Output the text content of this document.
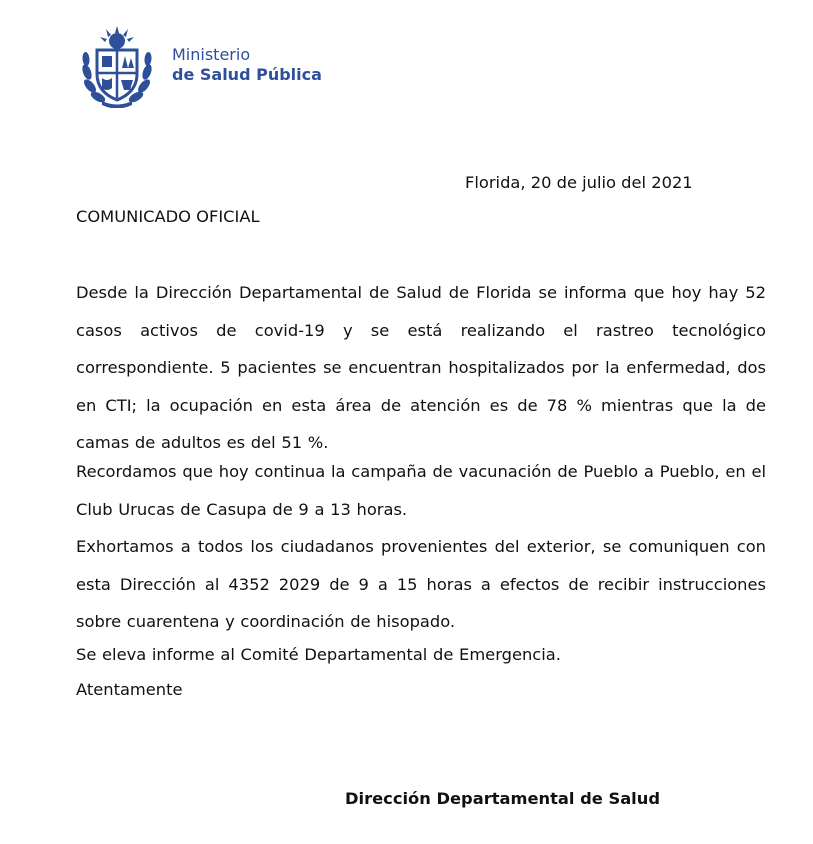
Ministerio
de Salud Pública
Florida, 20 de julio del 2021
COMUNICADO OFICIAL
Desde la Dirección Departamental de Salud de Florida se informa que hoy hay 52 casos activos de covid-19 y se está realizando el rastreo tecnológico correspondiente. 5 pacientes se encuentran hospitalizados por la enfermedad, dos en CTI; la ocupación en esta área de atención es de 78 % mientras que la de camas de adultos es del 51 %.
Recordamos que hoy continua la campaña de vacunación de Pueblo a Pueblo, en el Club Urucas de Casupa de 9 a 13 horas.
Exhortamos a todos los ciudadanos provenientes del exterior, se comuniquen con esta Dirección al 4352 2029 de 9 a 15 horas a efectos de recibir instrucciones sobre cuarentena y coordinación de hisopado.
Se eleva informe al Comité Departamental de Emergencia.
Atentamente
Dirección Departamental de Salud
